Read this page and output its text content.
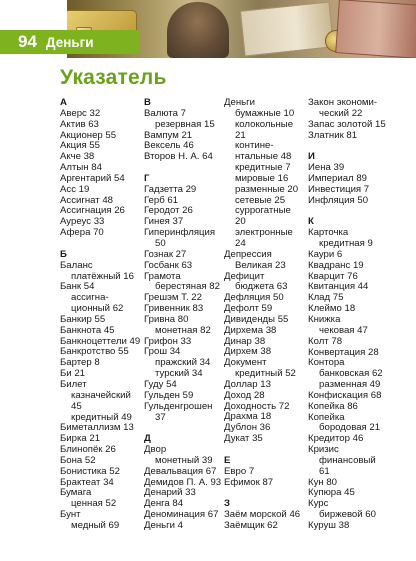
94 Деньги
Указатель
А
Аверс 32
Актив 63
Акционер 55
Акция 55
Акче 38
Алтын 84
Аргентарий 54
Асс 19
Ассигнат 48
Ассигнация 26
Ауреус 33
Афера 70
Б
Баланс
платёжный 16
Банк 54
ассигна-
ционный 62
Банкир 55
Банкнота 45
Банкноцеттели 49
Банкротство 55
Бартер 8
Би 21
Билет
казначейский
45
кредитный 49
Биметаллизм 13
Бирка 21
Блинопёк 26
Бона 52
Бонистика 52
Брактеат 34
Бумага
ценная 52
Бунт
медный 69
В
Валюта 7
резервная 15
Вампум 21
Вексель 46
Второв Н. А. 64
Г
Гадзетта 29
Герб 61
Геродот 26
Гинея 37
Гиперинфляция
50
Гознак 27
Госбанк 63
Грамота
берестяная 82
Грешэм Т. 22
Гривенник 83
Гривна 80
монетная 82
Грифон 33
Грош 34
пражский 34
турский 34
Гуду 54
Гульден 59
Гульденгрошен
37
Д
Двор
монетный 39
Девальвация 67
Демидов П. А. 93
Денарий 33
Денга 84
Деноминация 67
Деньги 4
Деньги
бумажные 10
колокольные
21
контине-
нтальные 48
кредитные 7
мировые 16
разменные 20
сетевые 25
суррогатные
20
электронные
24
Депрессия
Великая 23
Дефицит
бюджета 63
Дефляция 50
Дефолт 59
Дивиденды 55
Дирхема 38
Динар 38
Дирхем 38
Документ
кредитный 52
Доллар 13
Доход 28
Доходность 72
Драхма 18
Дублон 36
Дукат 35
Е
Евро 7
Ефимок 87
З
Заём морской 46
Заёмщик 62
Закон экономи-
ческий 22
Запас золотой 15
Златник 81
И
Иена 39
Империал 89
Инвестиция 7
Инфляция 50
К
Карточка
кредитная 9
Каури 6
Квадранс 19
Кварцит 76
Квитанция 44
Клад 75
Клеймо 18
Книжка
чековая 47
Колт 78
Конвертация 28
Контора
банковская 62
разменная 49
Конфискация 68
Копейка 86
Копейка
бородовая 21
Кредитор 46
Кризис
финансовый
61
Кун 80
Купюра 45
Курс
биржевой 60
Куруш 38
